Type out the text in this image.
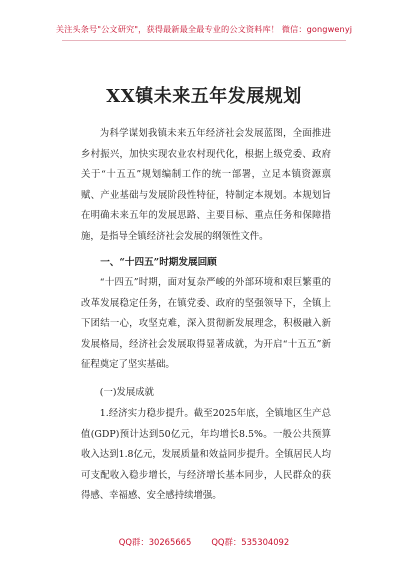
关注头条号"公文研究"，获得最新最全最专业的公文资料库！ 微信：gongwenyj
XX镇未来五年发展规划

为科学谋划我镇未来五年经济社会发展蓝图，全面推进乡村振兴，加快实现农业农村现代化，根据上级党委、政府关于“十五五”规划编制工作的统一部署，立足本镇资源禀赋、产业基础与发展阶段性特征，特制定本规划。本规划旨在明确未来五年的发展思路、主要目标、重点任务和保障措施，是指导全镇经济社会发展的纲领性文件。

一、“十四五”时期发展回顾

“十四五”时期，面对复杂严峻的外部环境和艰巨繁重的改革发展稳定任务，在镇党委、政府的坚强领导下，全镇上下团结一心，攻坚克难，深入贯彻新发展理念，积极融入新发展格局，经济社会发展取得显著成就，为开启“十五五”新征程奠定了坚实基础。

(一)发展成就

1.经济实力稳步提升。截至2025年底，全镇地区生产总值(GDP)预计达到50亿元，年均增长8.5%。一般公共预算收入达到1.8亿元，发展质量和效益同步提升。全镇居民人均可支配收入稳步增长，与经济增长基本同步，人民群众的获得感、幸福感、安全感持续增强。

QQ群：30265665 QQ群：535304092
